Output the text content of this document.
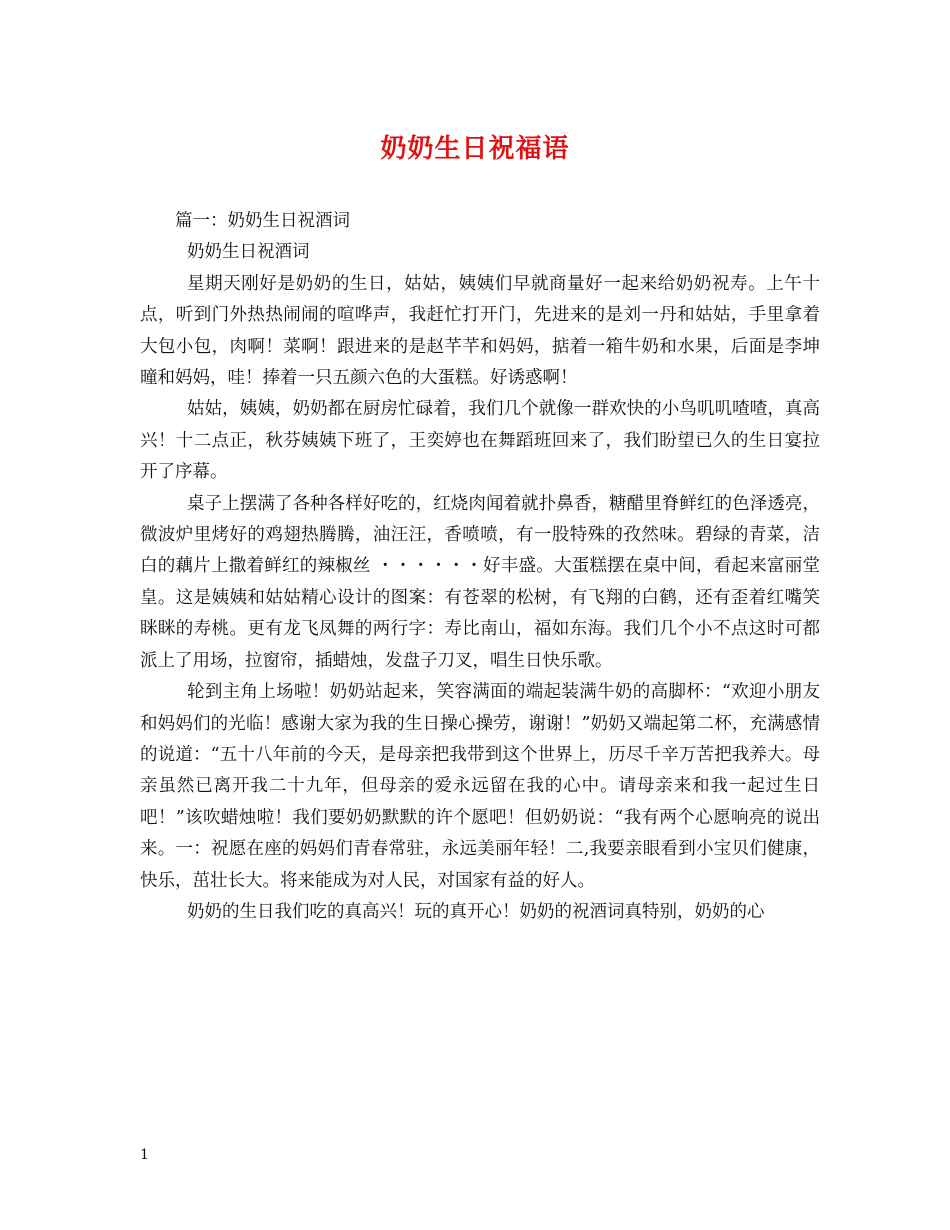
奶奶生日祝福语

篇一：奶奶生日祝酒词

奶奶生日祝酒词

星期天刚好是奶奶的生日，姑姑，姨姨们早就商量好一起来给奶奶祝寿。上午十点，听到门外热热闹闹的喧哗声，我赶忙打开门，先进来的是刘一丹和姑姑，手里拿着大包小包，肉啊！菜啊！跟进来的是赵芊芊和妈妈，掂着一箱牛奶和水果，后面是李坤曈和妈妈，哇！捧着一只五颜六色的大蛋糕。好诱惑啊！

姑姑，姨姨，奶奶都在厨房忙碌着，我们几个就像一群欢快的小鸟叽叽喳喳，真高兴！十二点正，秋芬姨姨下班了，王奕婷也在舞蹈班回来了，我们盼望已久的生日宴拉开了序幕。

桌子上摆满了各种各样好吃的，红烧肉闻着就扑鼻香，糖醋里脊鲜红的色泽透亮，微波炉里烤好的鸡翅热腾腾，油汪汪，香喷喷，有一股特殊的孜然味。碧绿的青菜，洁白的藕片上撒着鲜红的辣椒丝 ・・・・・・好丰盛。大蛋糕摆在桌中间，看起来富丽堂皇。这是姨姨和姑姑精心设计的图案：有苍翠的松树，有飞翔的白鹤，还有歪着红嘴笑眯眯的寿桃。更有龙飞凤舞的两行字：寿比南山，福如东海。我们几个小不点这时可都派上了用场，拉窗帘，插蜡烛，发盘子刀叉，唱生日快乐歌。

轮到主角上场啦！奶奶站起来，笑容满面的端起装满牛奶的高脚杯：“欢迎小朋友和妈妈们的光临！感谢大家为我的生日操心操劳，谢谢！”奶奶又端起第二杯，充满感情的说道：“五十八年前的今天，是母亲把我带到这个世界上，历尽千辛万苦把我养大。母亲虽然已离开我二十九年，但母亲的爱永远留在我的心中。请母亲来和我一起过生日吧！”该吹蜡烛啦！我们要奶奶默默的许个愿吧！但奶奶说：“我有两个心愿响亮的说出来。一：祝愿在座的妈妈们青春常驻，永远美丽年轻！二,我要亲眼看到小宝贝们健康，快乐，茁壮长大。将来能成为对人民，对国家有益的好人。

奶奶的生日我们吃的真高兴！玩的真开心！奶奶的祝酒词真特别，奶奶的心

1
